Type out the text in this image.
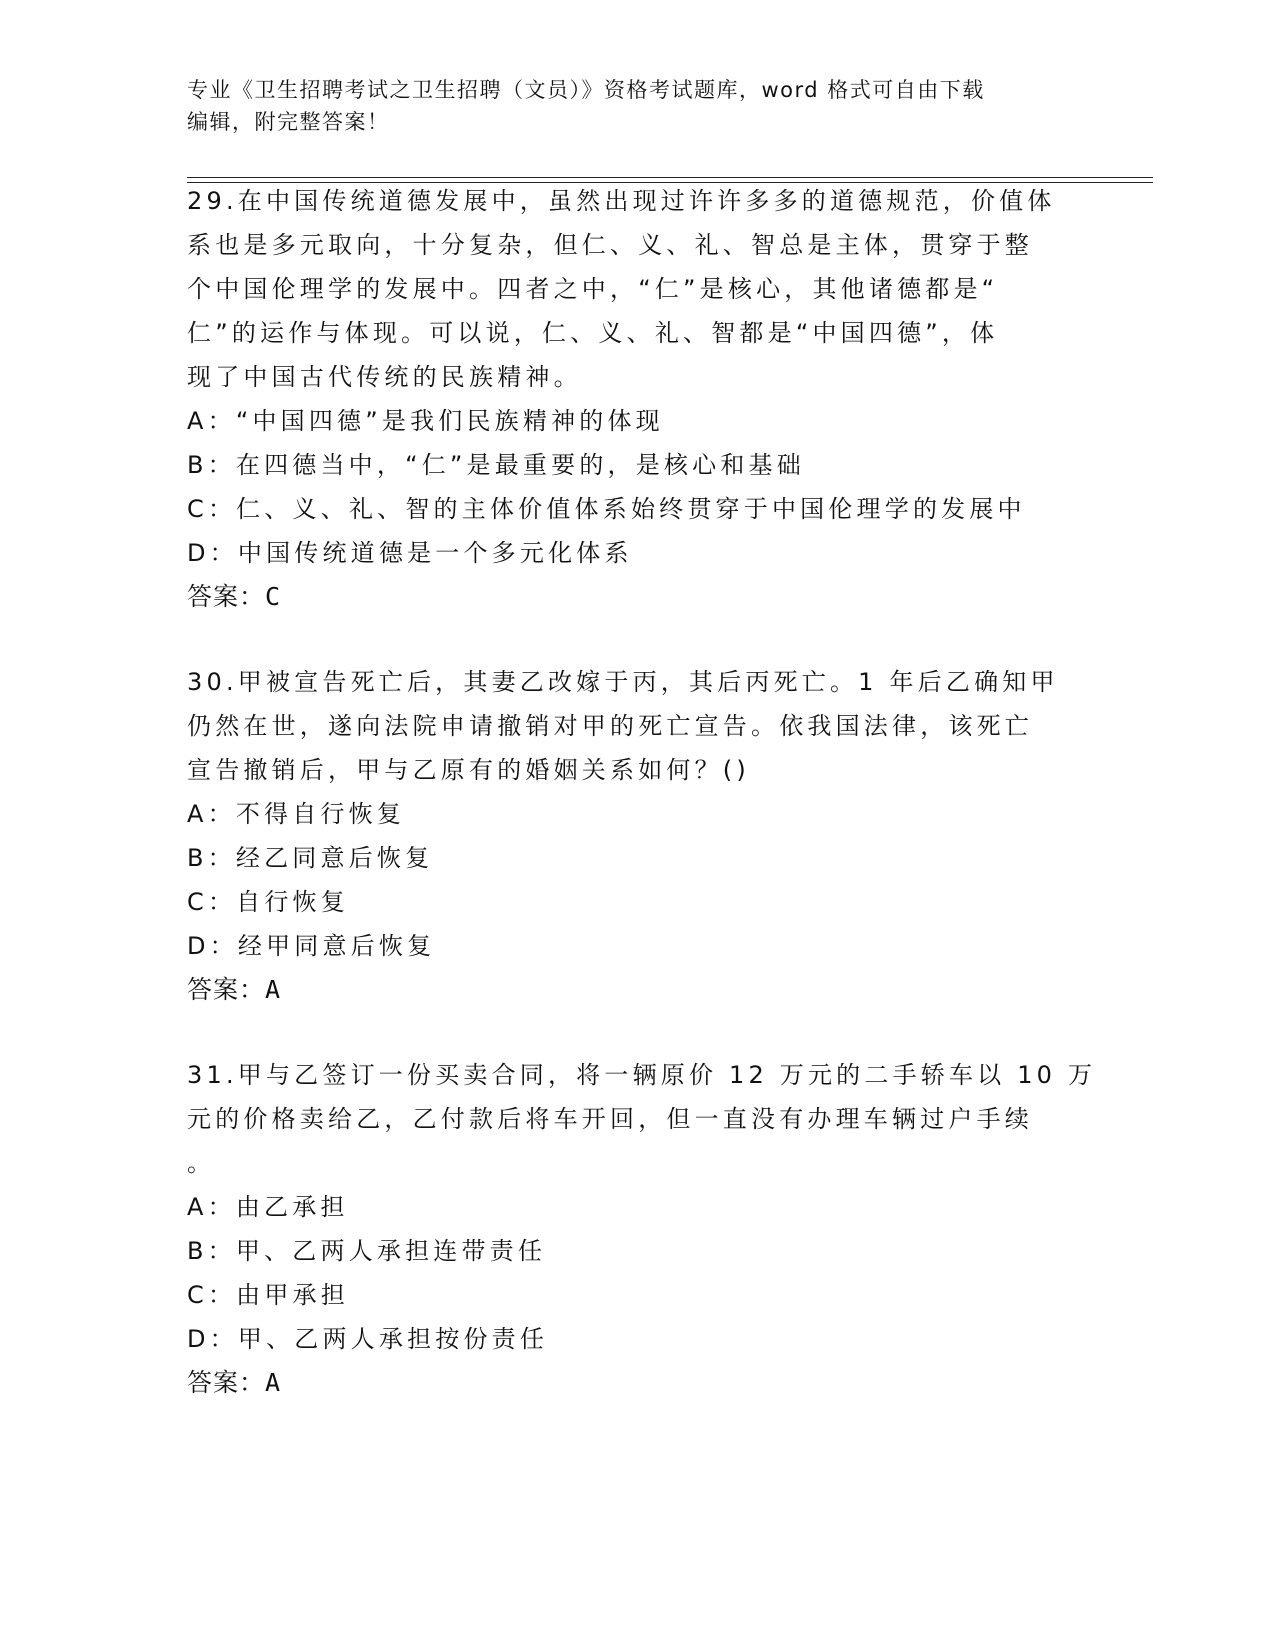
专业《卫生招聘考试之卫生招聘（文员）》资格考试题库，word 格式可自由下载
编辑，附完整答案！
29.在中国传统道德发展中，虽然出现过许许多多的道德规范，价值体
系也是多元取向，十分复杂，但仁、义、礼、智总是主体，贯穿于整
个中国伦理学的发展中。四者之中，“仁”是核心，其他诸德都是“
仁”的运作与体现。可以说，仁、义、礼、智都是“中国四德”，体
现了中国古代传统的民族精神。
A：“中国四德”是我们民族精神的体现
B：在四德当中，“仁”是最重要的，是核心和基础
C：仁、义、礼、智的主体价值体系始终贯穿于中国伦理学的发展中
D：中国传统道德是一个多元化体系
答案：C
30.甲被宣告死亡后，其妻乙改嫁于丙，其后丙死亡。1 年后乙确知甲
仍然在世，遂向法院申请撤销对甲的死亡宣告。依我国法律，该死亡
宣告撤销后，甲与乙原有的婚姻关系如何？()
A：不得自行恢复
B：经乙同意后恢复
C：自行恢复
D：经甲同意后恢复
答案：A
31.甲与乙签订一份买卖合同，将一辆原价 12 万元的二手轿车以 10 万
元的价格卖给乙，乙付款后将车开回，但一直没有办理车辆过户手续
。
A：由乙承担
B：甲、乙两人承担连带责任
C：由甲承担
D：甲、乙两人承担按份责任
答案：A
